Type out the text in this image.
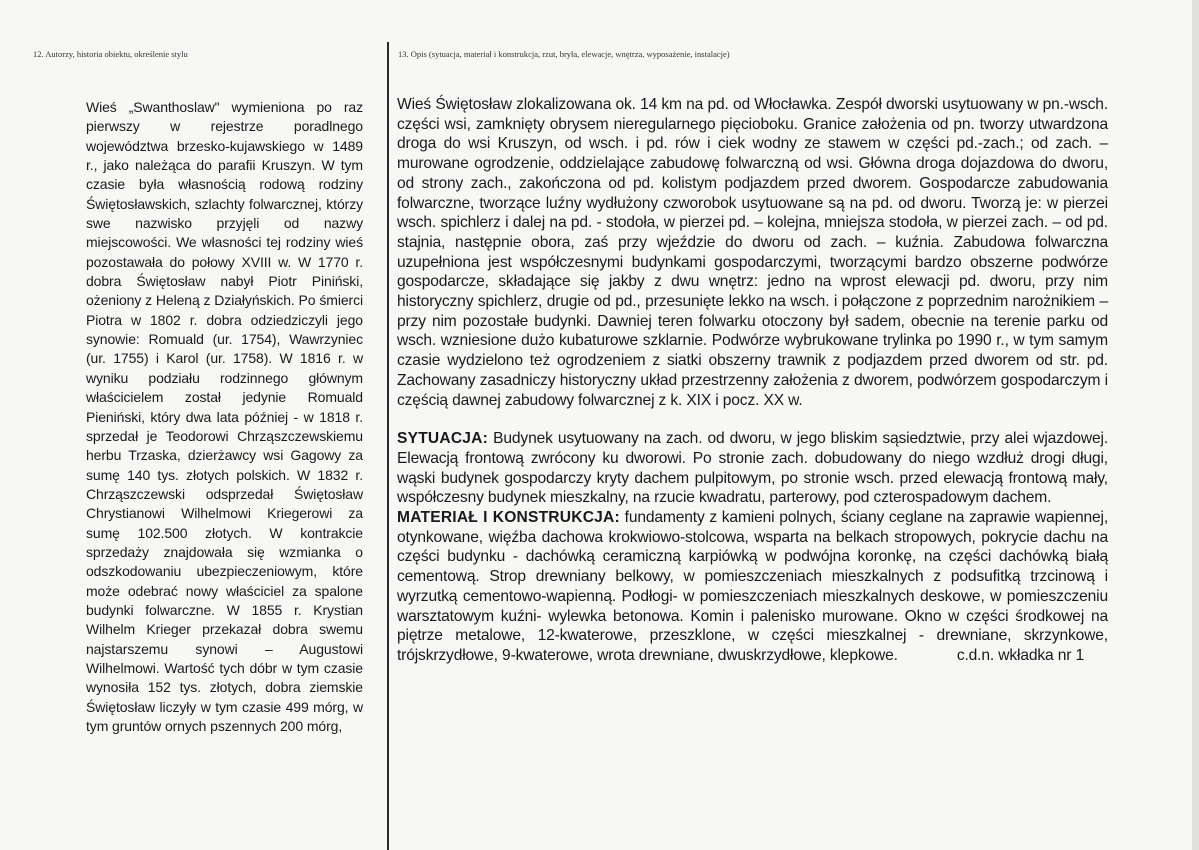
12. Autorzy, historia obiektu, określenie stylu	13. Opis (sytuacja, materiał i konstrukcja, rzut, bryła, elewacje, wnętrza, wyposażenie, instalacje)
Wieś „Swanthoslaw" wymieniona po raz pierwszy w rejestrze poradlnego województwa brzesko-kujawskiego w 1489 r., jako należąca do parafii Kruszyn. W tym czasie była własnością rodową rodziny Świętosławskich, szlachty folwarcznej, którzy swe nazwisko przyjęli od nazwy miejscowości. We własności tej rodziny wieś pozostawała do połowy XVIII w. W 1770 r. dobra Świętosław nabył Piotr Piniński, ożeniony z Heleną z Działyńskich. Po śmierci Piotra w 1802 r. dobra odziedziczyli jego synowie: Romuald (ur. 1754), Wawrzyniec (ur. 1755) i Karol (ur. 1758). W 1816 r. w wyniku podziału rodzinnego głównym właścicielem został jedynie Romuald Pieniński, który dwa lata później - w 1818 r. sprzedał je Teodorowi Chrząszczewskiemu herbu Trzaska, dzierżawcy wsi Gagowy za sumę 140 tys. złotych polskich. W 1832 r. Chrząszczewski odsprzedał Świętosław Chrystianowi Wilhelmowi Kriegerowi za sumę 102.500 złotych. W kontrakcie sprzedaży znajdowała się wzmianka o odszkodowaniu ubezpieczeniowym, które może odebrać nowy właściciel za spalone budynki folwarczne. W 1855 r. Krystian Wilhelm Krieger przekazał dobra swemu najstarszemu synowi – Augustowi Wilhelmowi. Wartość tych dóbr w tym czasie wynosiła 152 tys. złotych, dobra ziemskie Świętosław liczyły w tym czasie 499 mórg, w tym gruntów ornych pszennych 200 mórg,

Wieś Świętosław zlokalizowana ok. 14 km na pd. od Włocławka. Zespół dworski usytuowany w pn.-wsch. części wsi, zamknięty obrysem nieregularnego pięcioboku. Granice założenia od pn. tworzy utwardzona droga do wsi Kruszyn, od wsch. i pd. rów i ciek wodny ze stawem w części pd.-zach.; od zach. – murowane ogrodzenie, oddzielające zabudowę folwarczną od wsi. Główna droga dojazdowa do dworu, od strony zach., zakończona od pd. kolistym podjazdem przed dworem. Gospodarcze zabudowania folwarczne, tworzące luźny wydłużony czworobok usytuowane są na pd. od dworu. Tworzą je: w pierzei wsch. spichlerz i dalej na pd. - stodoła, w pierzei pd. – kolejna, mniejsza stodoła, w pierzei zach. – od pd. stajnia, następnie obora, zaś przy wjeździe do dworu od zach. – kuźnia. Zabudowa folwarczna uzupełniona jest współczesnymi budynkami gospodarczymi, tworzącymi bardzo obszerne podwórze gospodarcze, składające się jakby z dwu wnętrz: jedno na wprost elewacji pd. dworu, przy nim historyczny spichlerz, drugie od pd., przesunięte lekko na wsch. i połączone z poprzednim narożnikiem – przy nim pozostałe budynki. Dawniej teren folwarku otoczony był sadem, obecnie na terenie parku od wsch. wzniesione dużo kubaturowe szklarnie. Podwórze wybrukowane trylinka po 1990 r., w tym samym czasie wydzielono też ogrodzeniem z siatki obszerny trawnik z podjazdem przed dworem od str. pd. Zachowany zasadniczy historyczny układ przestrzenny założenia z dworem, podwórzem gospodarczym i częścią dawnej zabudowy folwarcznej z k. XIX i pocz. XX w.

SYTUACJA: Budynek usytuowany na zach. od dworu, w jego bliskim sąsiedztwie, przy alei wjazdowej. Elewacją frontową zwrócony ku dworowi. Po stronie zach. dobudowany do niego wzdłuż drogi długi, wąski budynek gospodarczy kryty dachem pulpitowym, po stronie wsch. przed elewacją frontową mały, współczesny budynek mieszkalny, na rzucie kwadratu, parterowy, pod czterospadowym dachem.

MATERIAŁ I KONSTRUKCJA: fundamenty z kamieni polnych, ściany ceglane na zaprawie wapiennej, otynkowane, więźba dachowa krokwiowo-stolcowa, wsparta na belkach stropowych, pokrycie dachu na części budynku - dachówką ceramiczną karpiówką w podwójna koronkę, na części dachówką białą cementową. Strop drewniany belkowy, w pomieszczeniach mieszkalnych z podsufitką trzcinową i wyrzutką cementowo-wapienną. Podłogi- w pomieszczeniach mieszkalnych deskowe, w pomieszczeniu warsztatowym kuźni- wylewka betonowa. Komin i palenisko murowane. Okno w części środkowej na piętrze metalowe, 12-kwaterowe, przeszklone, w części mieszkalnej - drewniane, skrzynkowe, trójskrzydłowe, 9-kwaterowe, wrota drewniane, dwuskrzydłowe, klepkowe.	c.d.n. wkładka nr 1
